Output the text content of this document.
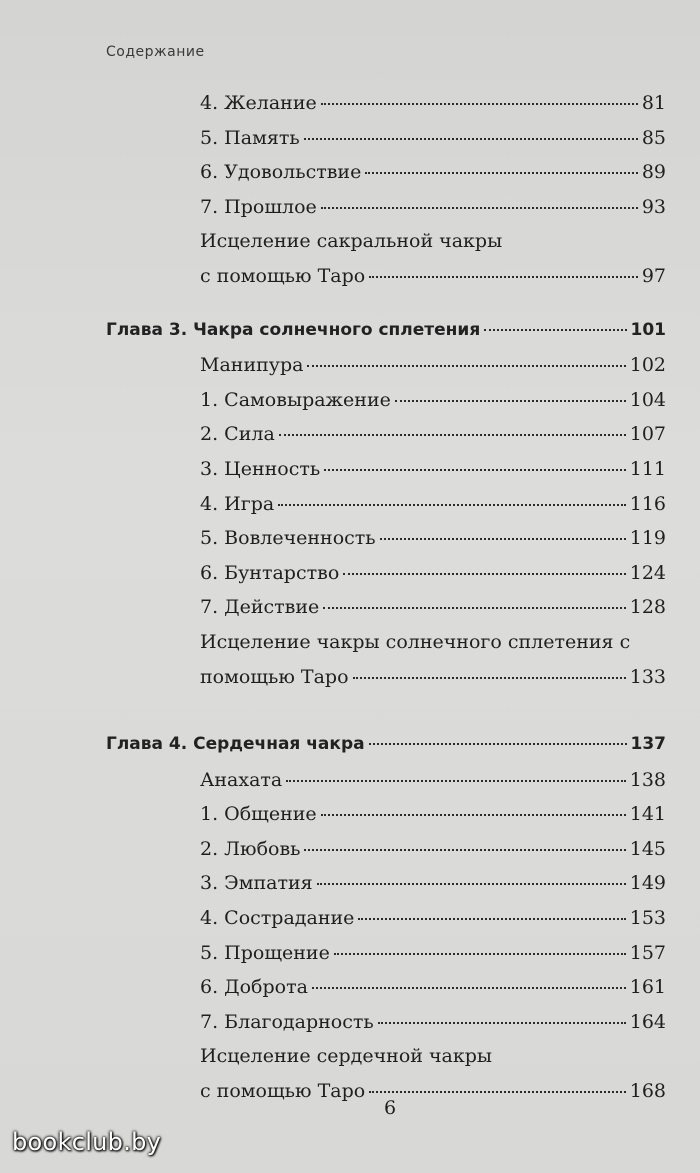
Содержание
4. Желание	81
5. Память	85
6. Удовольствие	89
7. Прошлое	93
Исцеление сакральной чакры
с помощью Таро	97
Глава 3. Чакра солнечного сплетения	101
Манипура	102
1. Самовыражение	104
2. Сила	107
3. Ценность	111
4. Игра	116
5. Вовлеченность	119
6. Бунтарство	124
7. Действие	128
Исцеление чакры солнечного сплетения с
помощью Таро	133
Глава 4. Сердечная чакра	137
Анахата	138
1. Общение	141
2. Любовь	145
3. Эмпатия	149
4. Сострадание	153
5. Прощение	157
6. Доброта	161
7. Благодарность	164
Исцеление сердечной чакры
с помощью Таро	168
6
bookclub.by
